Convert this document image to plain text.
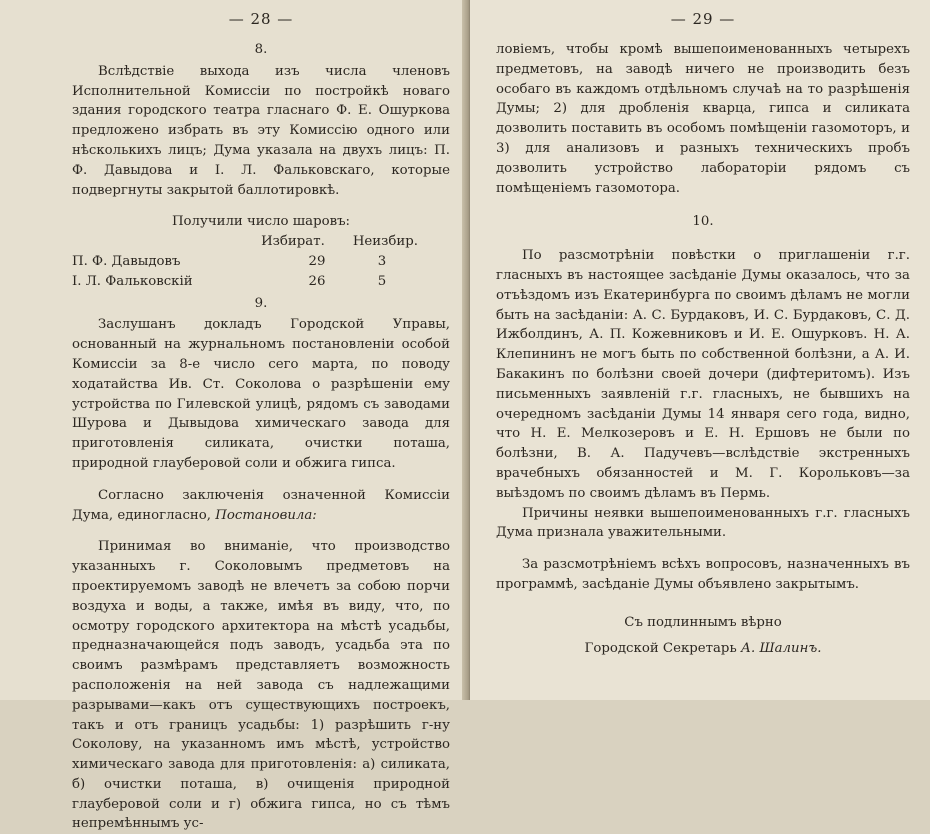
— 28 —
8.

Вслѣдствіе выхода изъ числа членовъ Исполнительной Комиссіи по постройкѣ новаго здания городского театра гласнаго Ф. Е. Ошуркова предложено избрать въ эту Комиссію одного или нѣсколькихъ лицъ; Дума указала на двухъ лицъ: П. Ф. Давыдова и І. Л. Фальковскаго, которые подвергнуты закрытой баллотировкѣ.

Получили число шаровъ:
Избират. Неизбир.
П. Ф. Давыдовъ	29	3
І. Л. Фальковскій	26	5
9.

Заслушанъ докладъ Городской Управы, основанный на журнальномъ постановленіи особой Комиссіи за 8-е число сего марта, по поводу ходатайства Ив. Ст. Соколова о разрѣшеніи ему устройства по Гилевской улицѣ, рядомъ съ заводами Шурова и Дывыдова химическаго завода для приготовленія силиката, очистки поташа, природной глауберовой соли и обжига гипса.

Согласно заключенія означенной Комиссіи Дума, единогласно, Постановила:

Принимая во вниманіе, что производство указанныхъ г. Соколовымъ предметовъ на проектируемомъ заводѣ не влечетъ за собою порчи воздуха и воды, а также, имѣя въ виду, что, по осмотру городского архитектора на мѣстѣ усадьбы, предназначающейся подъ заводъ, усадьба эта по своимъ размѣрамъ представляетъ возможность расположенія на ней завода съ надлежащими разрывами—какъ отъ существующихъ построекъ, такъ и отъ границъ усадьбы: 1) разрѣшить г-ну Соколову, на указанномъ имъ мѣстѣ, устройство химическаго завода для приготовленія: а) силиката, б) очистки поташа, в) очищенія природной глауберовой соли и г) обжига гипса, но съ тѣмъ непремѣннымъ ус-

— 29 —

ловіемъ, чтобы кромѣ вышепоименованныхъ четырехъ предметовъ, на заводѣ ничего не производить безъ особаго въ каждомъ отдѣльномъ случаѣ на то разрѣшенія Думы; 2) для дробленія кварца, гипса и силиката дозволить поставить въ особомъ помѣщеніи газомоторъ, и 3) для анализовъ и разныхъ техническихъ пробъ дозволить устройство лабораторіи рядомъ съ помѣщеніемъ газомотора.

10.

По разсмотрѣніи повѣстки о приглашеніи г.г. гласныхъ въ настоящее засѣданіе Думы оказалось, что за отъѣздомъ изъ Екатеринбурга по своимъ дѣламъ не могли быть на засѣданіи: А. С. Бурдаковъ, И. С. Бурдаковъ, С. Д. Ижболдинъ, А. П. Кожевниковъ и И. Е. Ошурковъ. Н. А. Клепининъ не могъ быть по собственной болѣзни, а А. И. Бакакинъ по болѣзни своей дочери (дифтеритомъ). Изъ письменныхъ заявленій г.г. гласныхъ, не бывшихъ на очередномъ засѣданіи Думы 14 января сего года, видно, что Н. Е. Мелкозеровъ и Е. Н. Ершовъ не были по болѣзни, В. А. Падучевъ—вслѣдствіе экстренныхъ врачебныхъ обязанностей и М. Г. Корольковъ—за выѣздомъ по своимъ дѣламъ въ Пермь.

Причины неявки вышепоименованныхъ г.г. гласныхъ Дума признала уважительными.

За разсмотрѣніемъ всѣхъ вопросовъ, назначенныхъ въ программѣ, засѣданіе Думы объявлено закрытымъ.

Съ подлиннымъ вѣрно
Городской Секретарь А. Шалинъ.
